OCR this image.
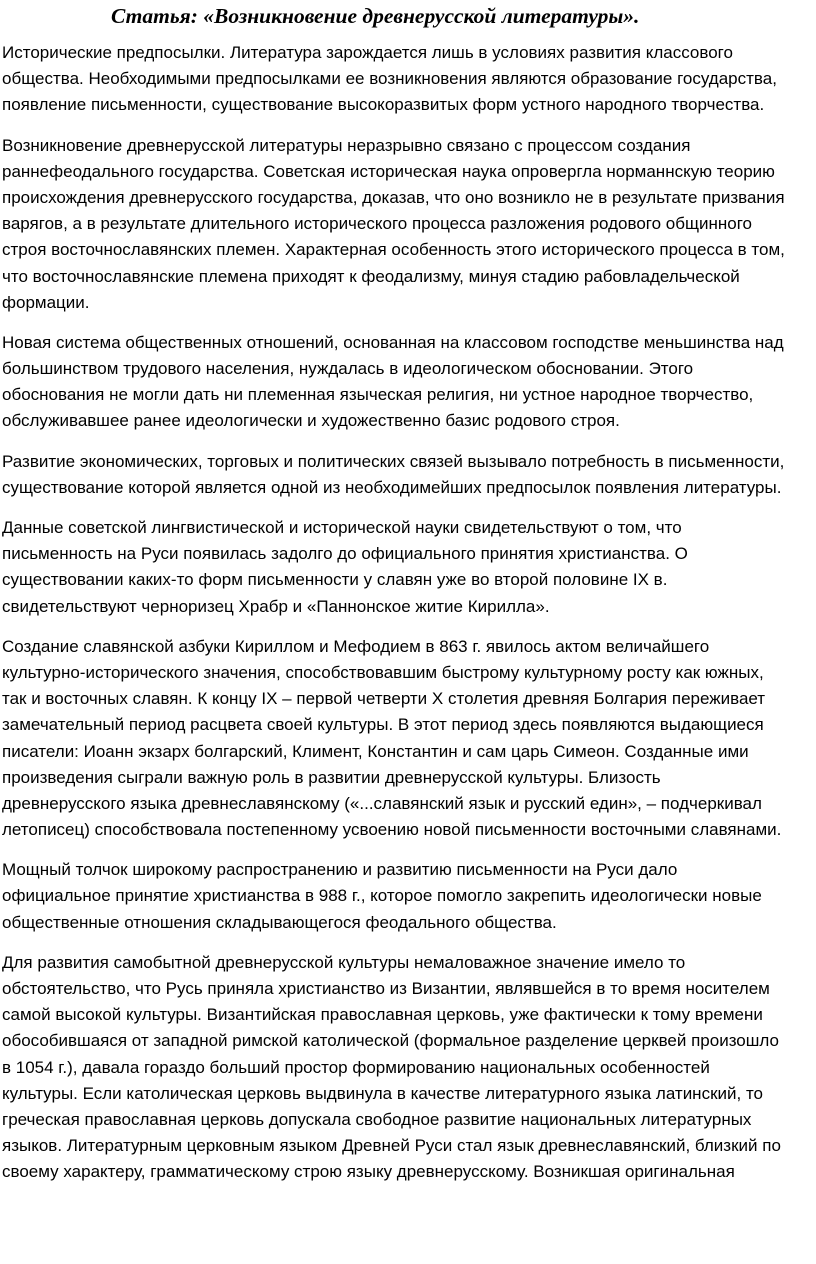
Статья: «Возникновение древнерусской литературы».

Исторические предпосылки. Литература зарождается лишь в условиях развития классового
общества. Необходимыми предпосылками ее возникновения являются образование государства,
появление письменности, существование высокоразвитых форм устного народного творчества.

Возникновение древнерусской литературы неразрывно связано с процессом создания
раннефеодального государства. Советская историческая наука опровергла норманнскую теорию
происхождения древнерусского государства, доказав, что оно возникло не в результате призвания
варягов, а в результате длительного исторического процесса разложения родового общинного
строя восточнославянских племен. Характерная особенность этого исторического процесса в том,
что восточнославянские племена приходят к феодализму, минуя стадию рабовладельческой
формации.

Новая система общественных отношений, основанная на классовом господстве меньшинства над
большинством трудового населения, нуждалась в идеологическом обосновании. Этого
обоснования не могли дать ни племенная языческая религия, ни устное народное творчество,
обслуживавшее ранее идеологически и художественно базис родового строя.

Развитие экономических, торговых и политических связей вызывало потребность в письменности,
существование которой является одной из необходимейших предпосылок появления литературы.

Данные советской лингвистической и исторической науки свидетельствуют о том, что
письменность на Руси появилась задолго до официального принятия христианства. О
существовании каких-то форм письменности у славян уже во второй половине IX в.
свидетельствуют черноризец Храбр и «Паннонское житие Кирилла».

Создание славянской азбуки Кириллом и Мефодием в 863 г. явилось актом величайшего
культурно-исторического значения, способствовавшим быстрому культурному росту как южных,
так и восточных славян. К концу IX – первой четверти X столетия древняя Болгария переживает
замечательный период расцвета своей культуры. В этот период здесь появляются выдающиеся
писатели: Иоанн экзарх болгарский, Климент, Константин и сам царь Симеон. Созданные ими
произведения сыграли важную роль в развитии древнерусской культуры. Близость
древнерусского языка древнеславянскому («...славянский язык и русский един», – подчеркивал
летописец) способствовала постепенному усвоению новой письменности восточными славянами.

Мощный толчок широкому распространению и развитию письменности на Руси дало
официальное принятие христианства в 988 г., которое помогло закрепить идеологически новые
общественные отношения складывающегося феодального общества.

Для развития самобытной древнерусской культуры немаловажное значение имело то
обстоятельство, что Русь приняла христианство из Византии, являвшейся в то время носителем
самой высокой культуры. Византийская православная церковь, уже фактически к тому времени
обособившаяся от западной римской католической (формальное разделение церквей произошло
в 1054 г.), давала гораздо больший простор формированию национальных особенностей
культуры. Если католическая церковь выдвинула в качестве литературного языка латинский, то
греческая православная церковь допускала свободное развитие национальных литературных
языков. Литературным церковным языком Древней Руси стал язык древнеславянский, близкий по
своему характеру, грамматическому строю языку древнерусскому. Возникшая оригинальная
